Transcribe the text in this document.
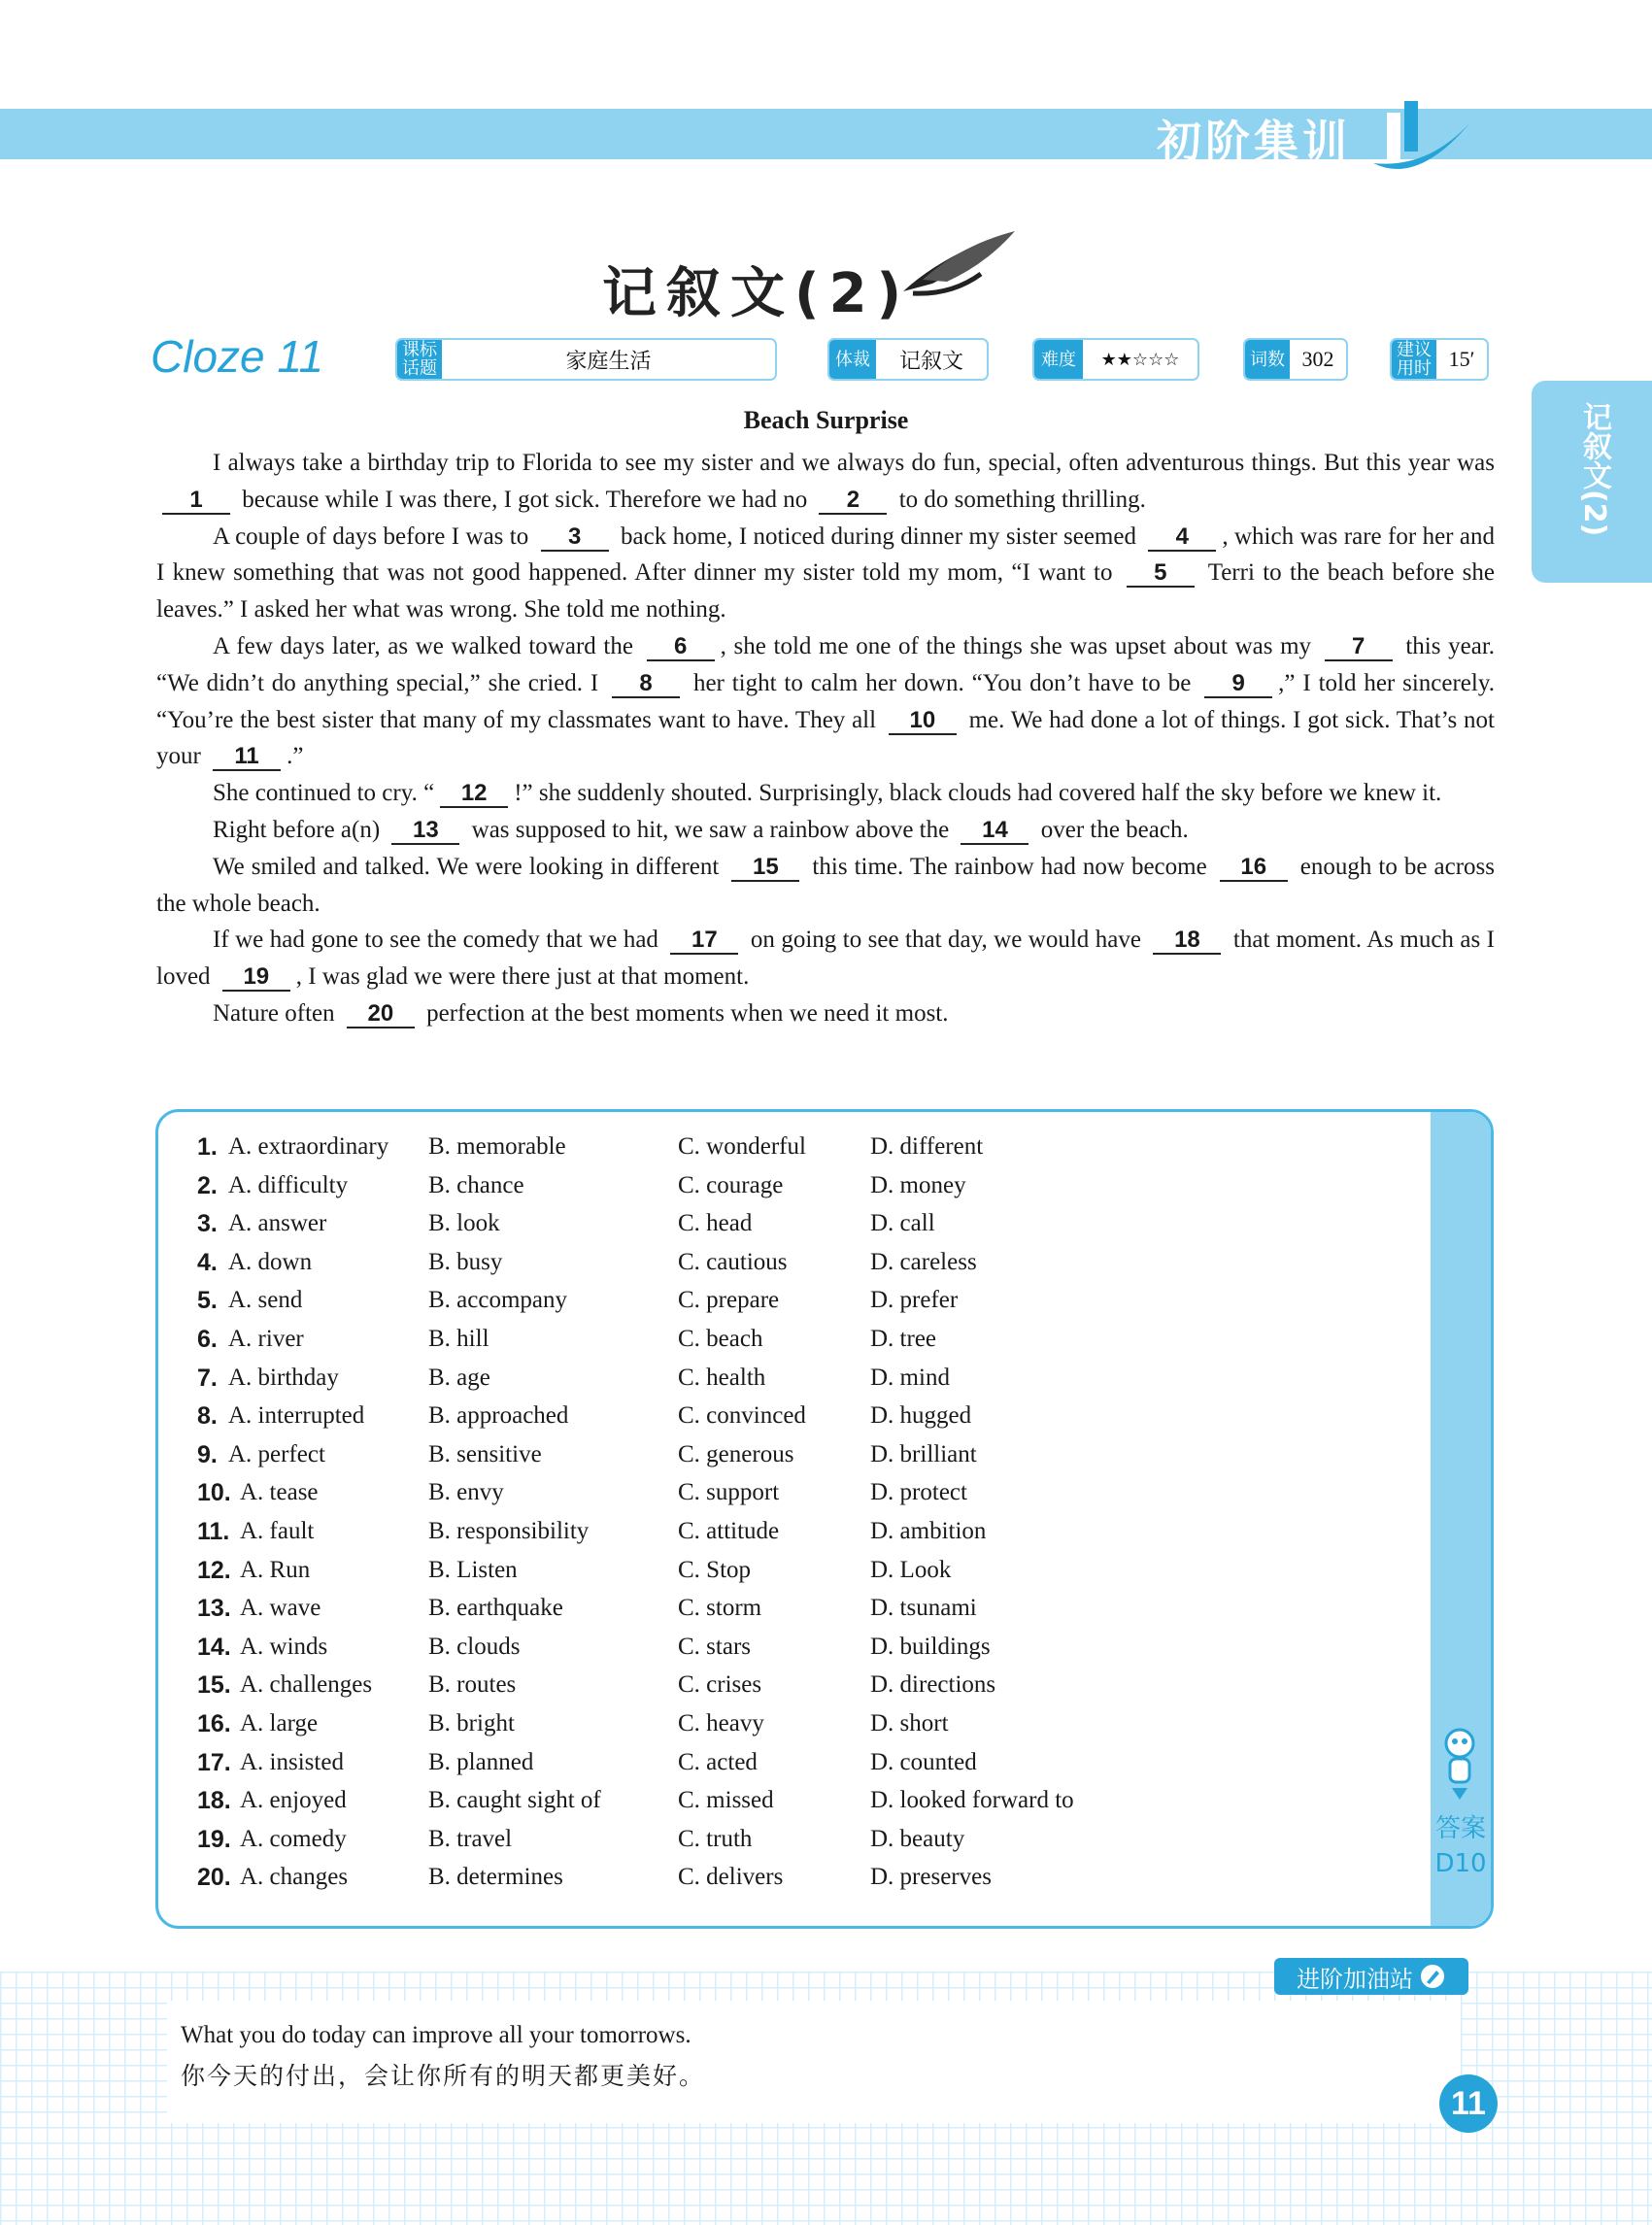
初阶集训
记叙文(2)
Cloze 11	课标话题	家庭生活	体裁	记叙文	难度	★★☆☆☆	词数 302	建议用时 15′
记叙文(2)
Beach Surprise

I always take a birthday trip to Florida to see my sister and we always do fun, special, often adventurous things. But this year was 1 because while I was there, I got sick. Therefore we had no 2 to do something thrilling.

A couple of days before I was to 3 back home, I noticed during dinner my sister seemed 4 , which was rare for her and I knew something that was not good happened. After dinner my sister told my mom, “I want to 5 Terri to the beach before she leaves.” I asked her what was wrong. She told me nothing.

A few days later, as we walked toward the 6 , she told me one of the things she was upset about was my 7 this year. “We didn’t do anything special,” she cried. I 8 her tight to calm her down. “You don’t have to be 9 ,” I told her sincerely. “You’re the best sister that many of my classmates want to have. They all 10 me. We had done a lot of things. I got sick. That’s not your 11 .”

She continued to cry. “ 12 !” she suddenly shouted. Surprisingly, black clouds had covered half the sky before we knew it.

Right before a(n) 13 was supposed to hit, we saw a rainbow above the 14 over the beach.

We smiled and talked. We were looking in different 15 this time. The rainbow had now become 16 enough to be across the whole beach.

If we had gone to see the comedy that we had 17 on going to see that day, we would have 18 that moment. As much as I loved 19 , I was glad we were there just at that moment.

Nature often 20 perfection at the best moments when we need it most.

答案
D10
1. A. extraordinary B. memorable	C. wonderful	D. different
2. A. difficulty	B. chance	C. courage	D. money
3. A. answer	B. look	C. head	D. call
4. A. down	B. busy	C. cautious	D. careless
5. A. send	B. accompany	C. prepare	D. prefer
6. A. river	B. hill	C. beach	D. tree
7. A. birthday	B. age	C. health	D. mind
8. A. interrupted	B. approached	C. convinced	D. hugged
9. A. perfect	B. sensitive	C. generous	D. brilliant
10. A. tease	B. envy	C. support	D. protect
11. A. fault	B. responsibility	C. attitude	D. ambition
12. A. Run	B. Listen	C. Stop	D. Look
13. A. wave	B. earthquake	C. storm	D. tsunami
14. A. winds	B. clouds	C. stars	D. buildings
15. A. challenges B. routes	C. crises	D. directions
16. A. large	B. bright	C. heavy	D. short
17. A. insisted	B. planned	C. acted	D. counted
18. A. enjoyed	B. caught sight of	C. missed	D. looked forward to
19. A. comedy	B. travel	C. truth	D. beauty
20. A. changes	B. determines	C. delivers	D. preserves
进阶加油站
What you do today can improve all your tomorrows.
你今天的付出，会让你所有的明天都更美好。
11
